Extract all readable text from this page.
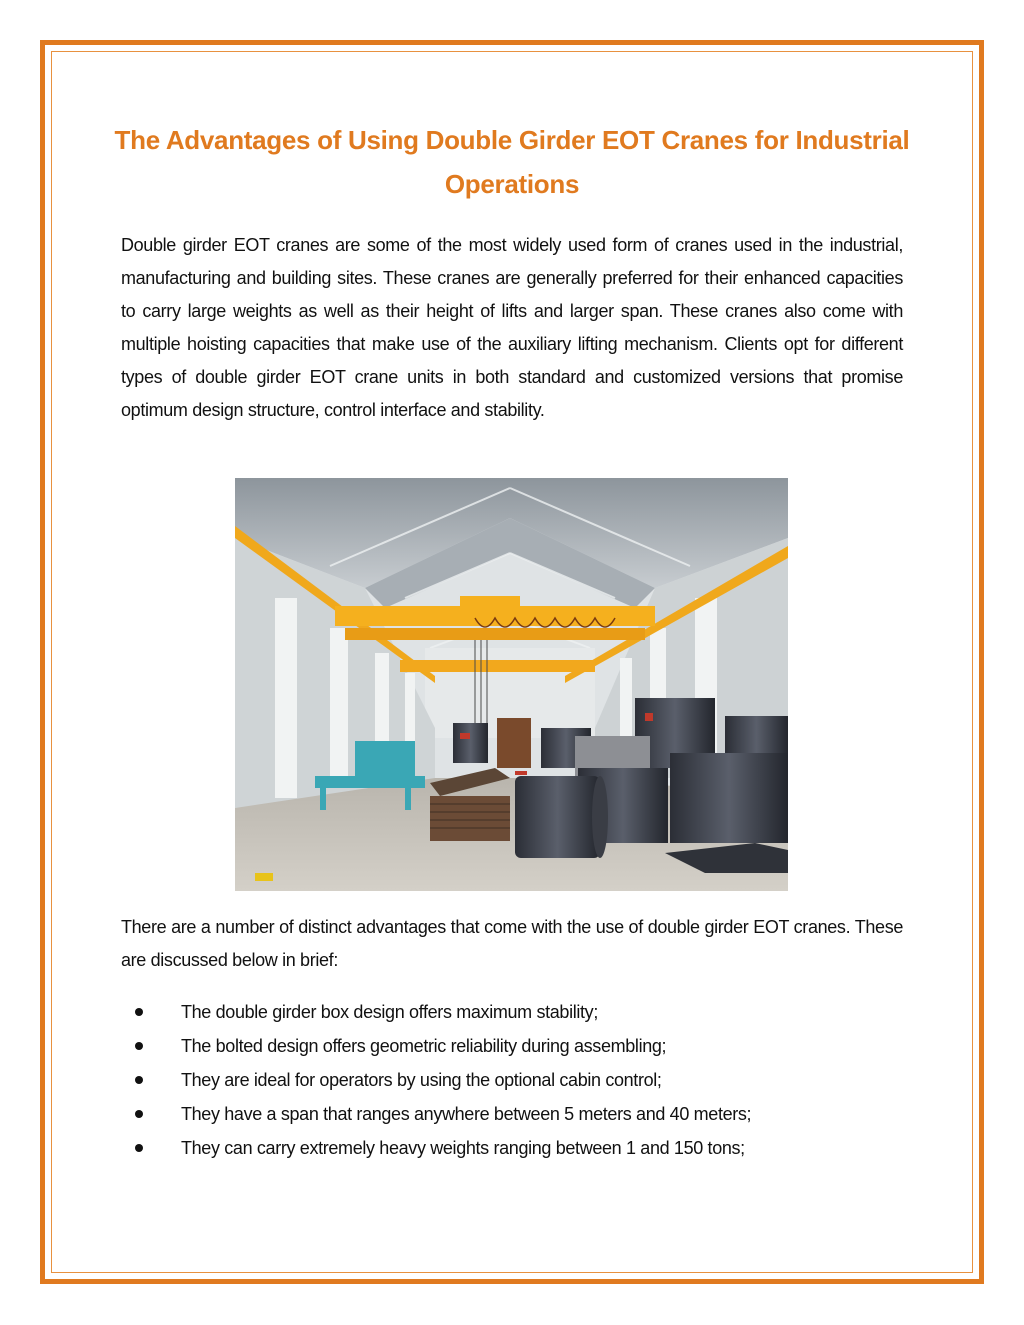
The Advantages of Using Double Girder EOT Cranes for Industrial Operations

Double girder EOT cranes are some of the most widely used form of cranes used in the industrial, manufacturing and building sites. These cranes are generally preferred for their enhanced capacities to carry large weights as well as their height of lifts and larger span. These cranes also come with multiple hoisting capacities that make use of the auxiliary lifting mechanism. Clients opt for different types of double girder EOT crane units in both standard and customized versions that promise optimum design structure, control interface and stability.

There are a number of distinct advantages that come with the use of double girder EOT cranes. These are discussed below in brief:

The double girder box design offers maximum stability;
The bolted design offers geometric reliability during assembling;
They are ideal for operators by using the optional cabin control;
They have a span that ranges anywhere between 5 meters and 40 meters;
They can carry extremely heavy weights ranging between 1 and 150 tons;
